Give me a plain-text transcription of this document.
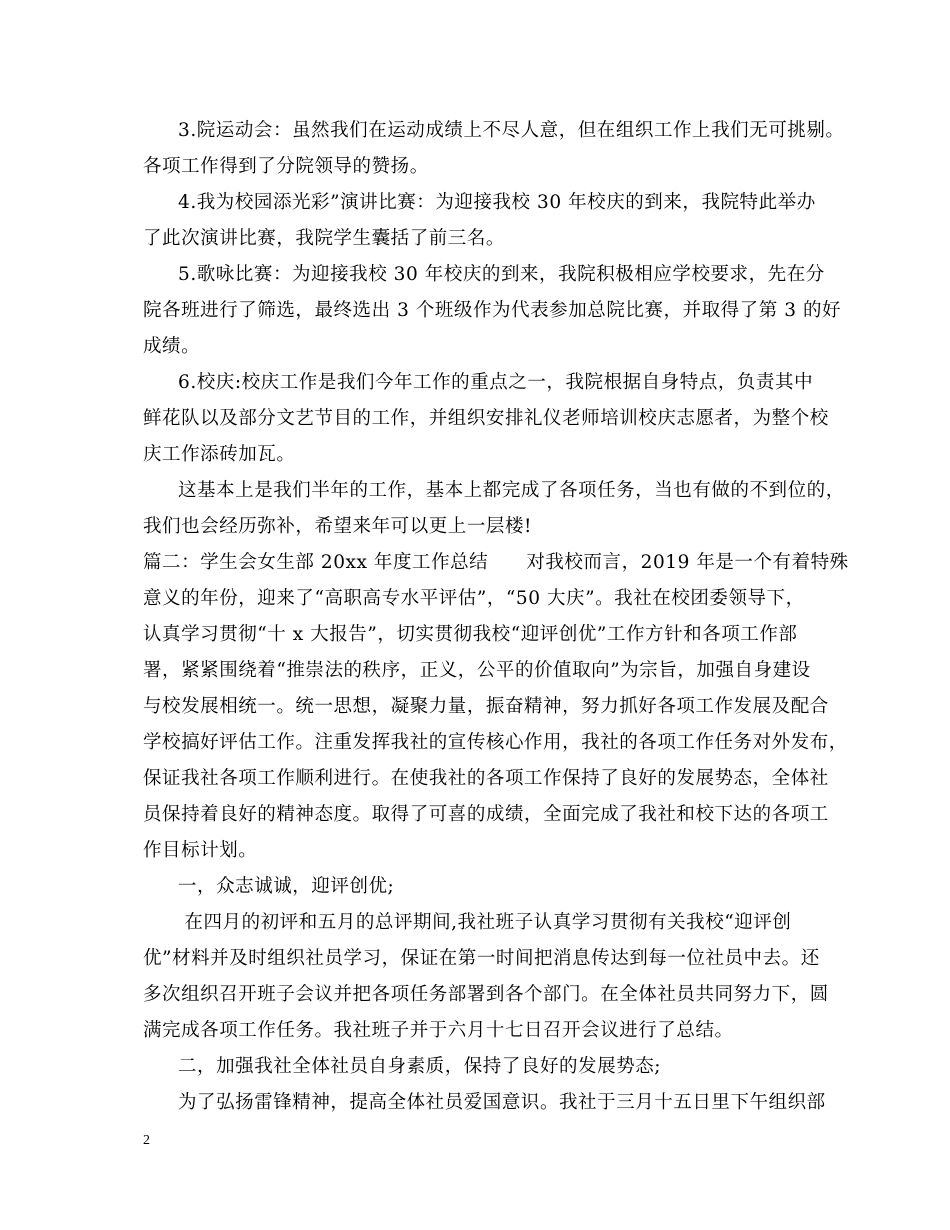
3.院运动会：虽然我们在运动成绩上不尽人意，但在组织工作上我们无可挑剔。
各项工作得到了分院领导的赞扬。
4.我为校园添光彩”演讲比赛：为迎接我校 30 年校庆的到来，我院特此举办
了此次演讲比赛，我院学生囊括了前三名。
5.歌咏比赛：为迎接我校 30 年校庆的到来，我院积极相应学校要求，先在分
院各班进行了筛选，最终选出 3 个班级作为代表参加总院比赛，并取得了第 3 的好
成绩。
6.校庆:校庆工作是我们今年工作的重点之一，我院根据自身特点，负责其中
鲜花队以及部分文艺节目的工作，并组织安排礼仪老师培训校庆志愿者，为整个校
庆工作添砖加瓦。
这基本上是我们半年的工作，基本上都完成了各项任务，当也有做的不到位的，
我们也会经历弥补，希望来年可以更上一层楼!
篇二：学生会女生部 20xx 年度工作总结　　对我校而言，2019 年是一个有着特殊
意义的年份，迎来了“高职高专水平评估”，“50 大庆”。我社在校团委领导下，
认真学习贯彻“十 x 大报告”，切实贯彻我校“迎评创优”工作方针和各项工作部
署，紧紧围绕着“推崇法的秩序，正义，公平的价值取向”为宗旨，加强自身建设
与校发展相统一。统一思想，凝聚力量，振奋精神，努力抓好各项工作发展及配合
学校搞好评估工作。注重发挥我社的宣传核心作用，我社的各项工作任务对外发布，
保证我社各项工作顺利进行。在使我社的各项工作保持了良好的发展势态，全体社
员保持着良好的精神态度。取得了可喜的成绩，全面完成了我社和校下达的各项工
作目标计划。
一，众志诚诚，迎评创优;
在四月的初评和五月的总评期间,我社班子认真学习贯彻有关我校“迎评创
优”材料并及时组织社员学习，保证在第一时间把消息传达到每一位社员中去。还
多次组织召开班子会议并把各项任务部署到各个部门。在全体社员共同努力下，圆
满完成各项工作任务。我社班子并于六月十七日召开会议进行了总结。
二，加强我社全体社员自身素质，保持了良好的发展势态;
为了弘扬雷锋精神，提高全体社员爱国意识。我社于三月十五日里下午组织部
2
